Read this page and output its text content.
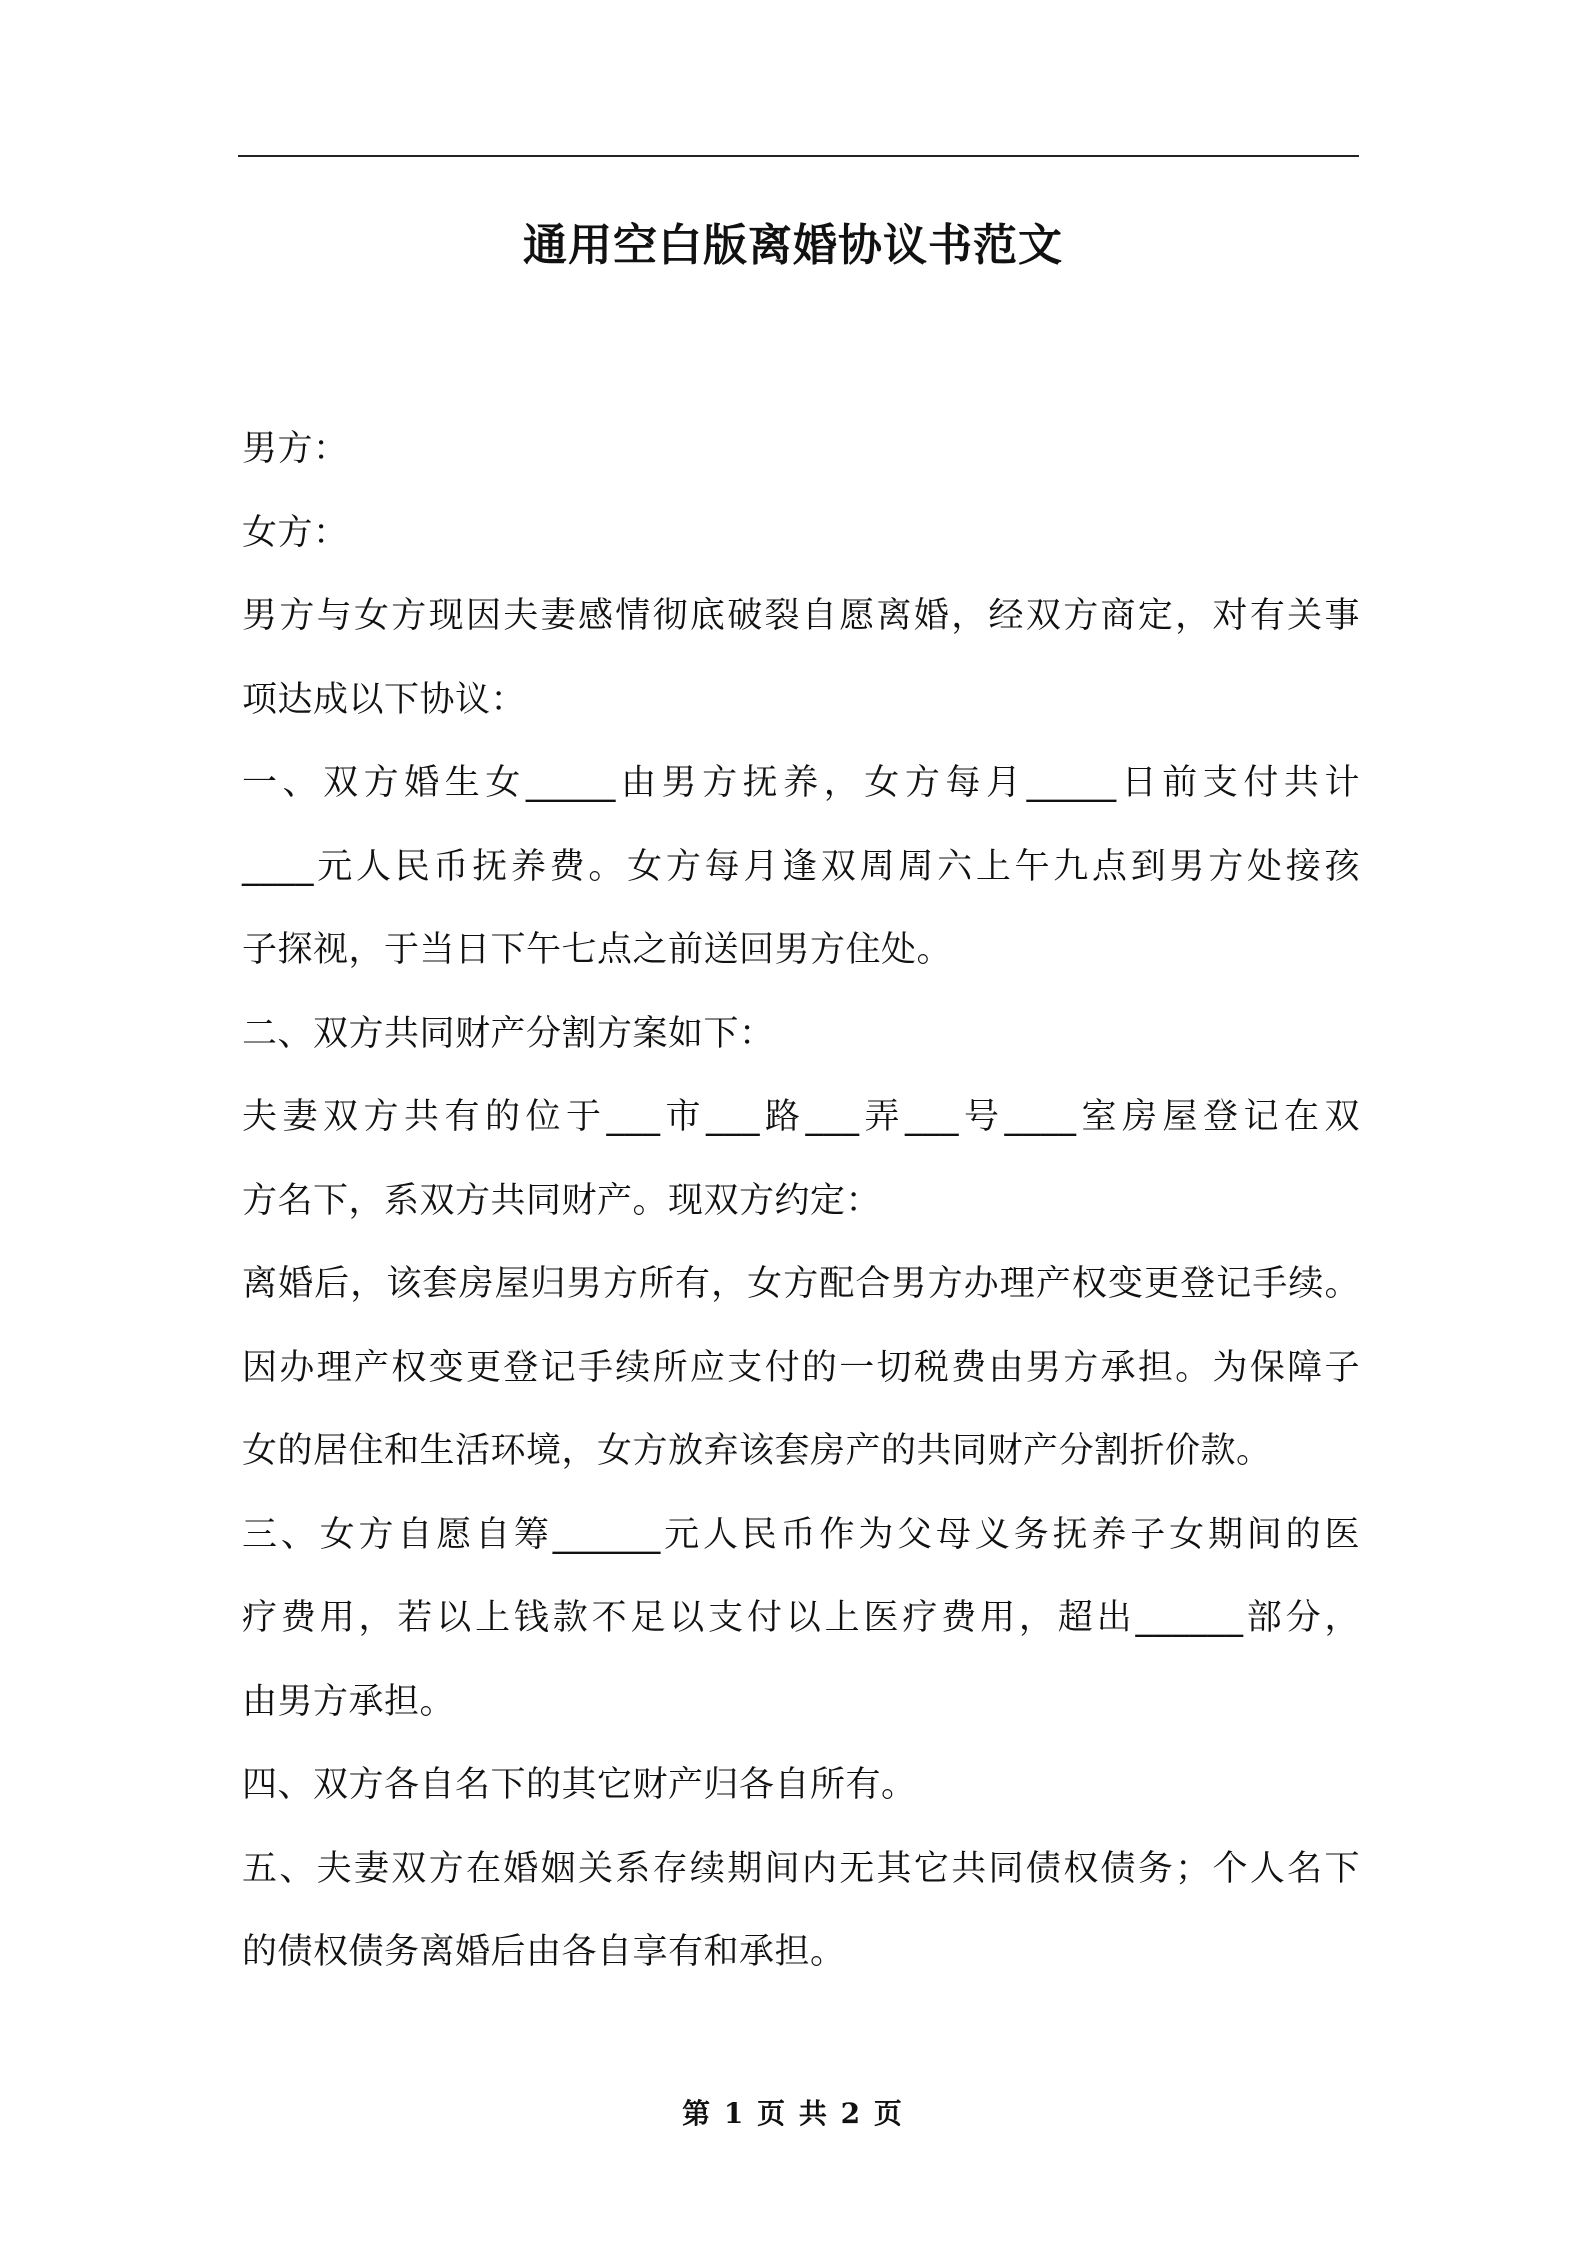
通用空白版离婚协议书范文
男方：
女方：
男方与女方现因夫妻感情彻底破裂自愿离婚，经双方商定，对有关事
项达成以下协议：
一、双方婚生女_____由男方抚养，女方每月_____日前支付共计
____元人民币抚养费。女方每月逢双周周六上午九点到男方处接孩
子探视，于当日下午七点之前送回男方住处。
二、双方共同财产分割方案如下：
夫妻双方共有的位于___市___路___弄___号____室房屋登记在双
方名下，系双方共同财产。现双方约定：
离婚后，该套房屋归男方所有，女方配合男方办理产权变更登记手续。
因办理产权变更登记手续所应支付的一切税费由男方承担。为保障子
女的居住和生活环境，女方放弃该套房产的共同财产分割折价款。
三、女方自愿自筹______元人民币作为父母义务抚养子女期间的医
疗费用，若以上钱款不足以支付以上医疗费用，超出______部分，
由男方承担。
四、双方各自名下的其它财产归各自所有。
五、夫妻双方在婚姻关系存续期间内无其它共同债权债务；个人名下
的债权债务离婚后由各自享有和承担。
第 1 页 共 2 页
